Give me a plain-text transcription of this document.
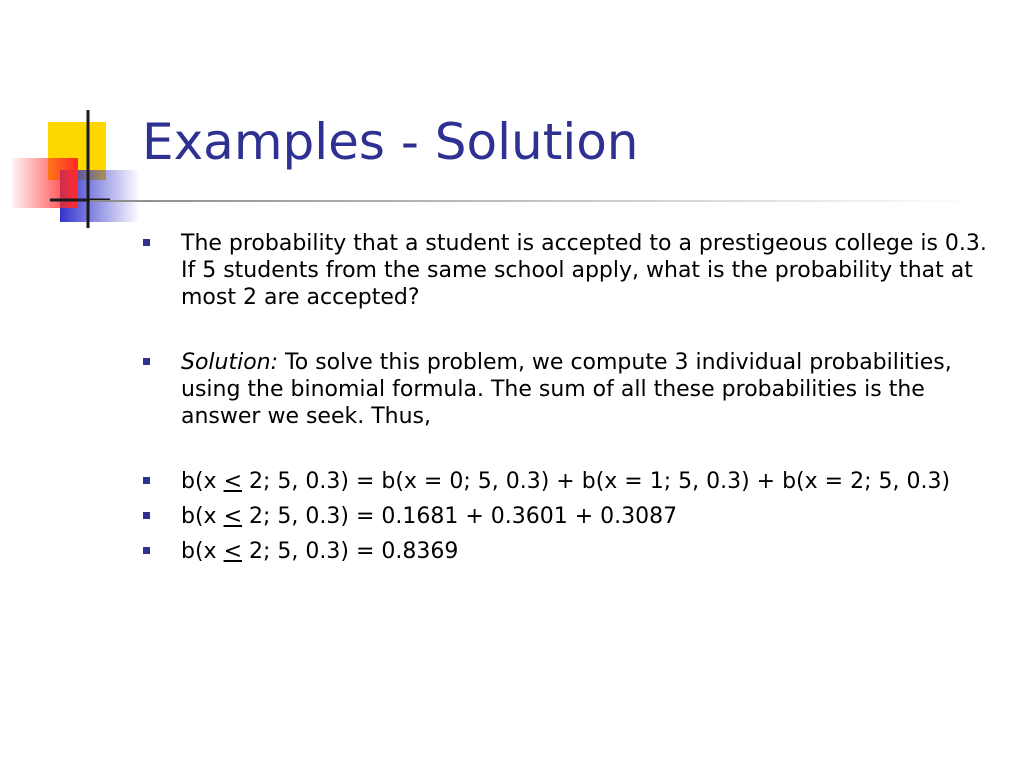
Examples - Solution
The probability that a student is accepted to a prestigeous college is 0.3. If 5 students from the same school apply, what is the probability that at most 2 are accepted?
Solution: To solve this problem, we compute 3 individual probabilities, using the binomial formula. The sum of all these probabilities is the answer we seek. Thus,
b(x ≤ 2; 5, 0.3) = b(x = 0; 5, 0.3) + b(x = 1; 5, 0.3) + b(x = 2; 5, 0.3)
b(x ≤ 2; 5, 0.3) = 0.1681 + 0.3601 + 0.3087
b(x ≤ 2; 5, 0.3) = 0.8369
